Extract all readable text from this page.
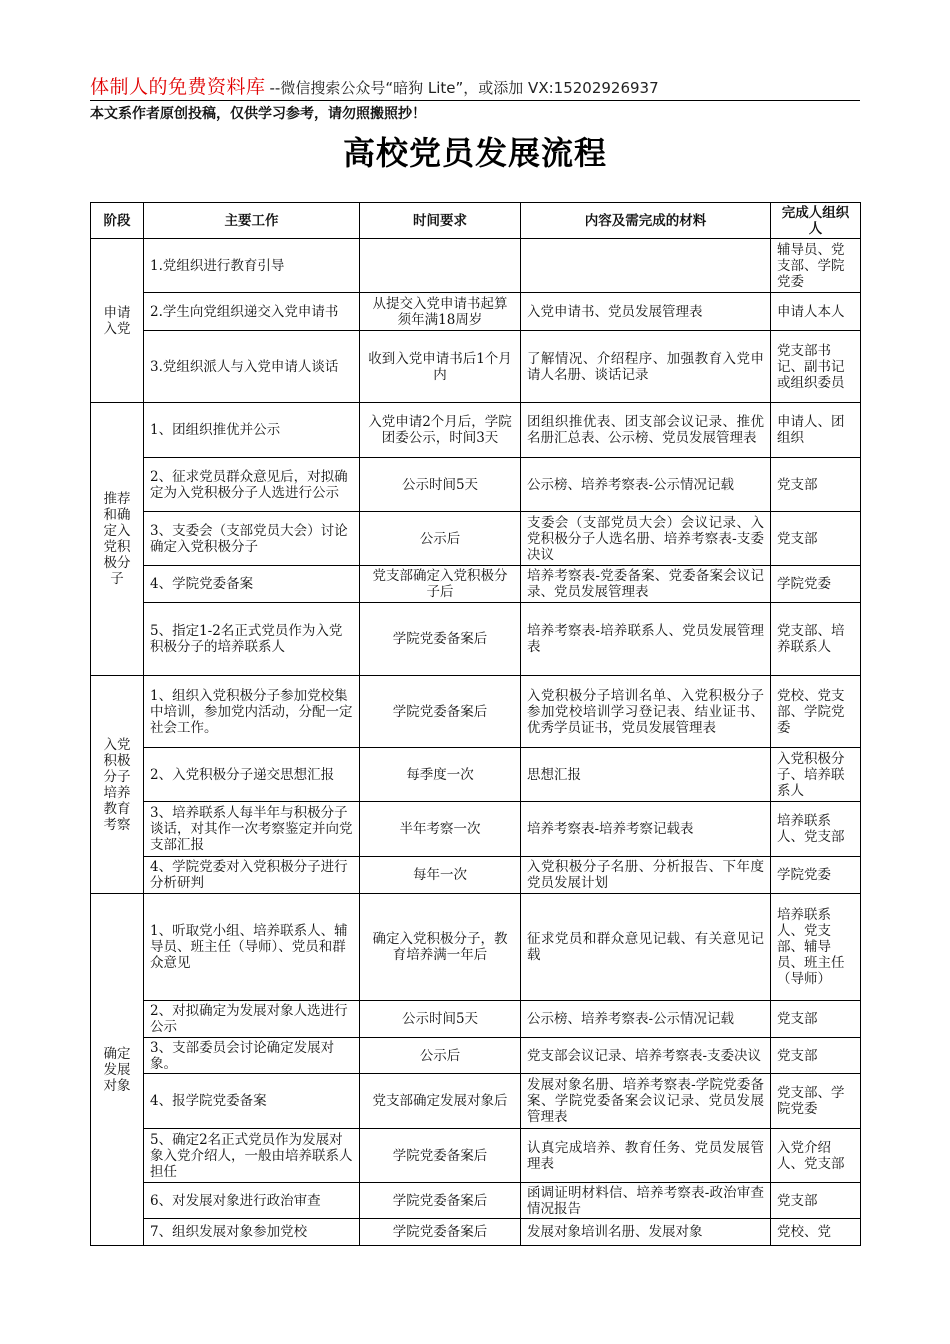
体制人的免费资料库 --微信搜索公众号“暗狗 Lite”，或添加 VX:15202926937
本文系作者原创投稿，仅供学习参考，请勿照搬照抄！
高校党员发展流程
阶段	主要工作	时间要求	内容及需完成的材料	完成人组织人
申请入党	1.党组织进行教育引导			辅导员、党支部、学院党委
	2.学生向党组织递交入党申请书	从提交入党申请书起算须年满18周岁	入党申请书、党员发展管理表	申请人本人
	3.党组织派人与入党申请人谈话	收到入党申请书后1个月内	了解情况、介绍程序、加强教育入党申请人名册、谈话记录	党支部书记、副书记或组织委员
推荐和确定入党积极分子	1、团组织推优并公示	入党申请2个月后，学院团委公示，时间3天	团组织推优表、团支部会议记录、推优名册汇总表、公示榜、党员发展管理表	申请人、团组织
	2、征求党员群众意见后，对拟确定为入党积极分子人选进行公示	公示时间5天	公示榜、培养考察表-公示情况记载	党支部
	3、支委会（支部党员大会）讨论确定入党积极分子	公示后	支委会（支部党员大会）会议记录、入党积极分子人选名册、培养考察表-支委决议	党支部
	4、学院党委备案	党支部确定入党积极分子后	培养考察表-党委备案、党委备案会议记录、党员发展管理表	学院党委
	5、指定1-2名正式党员作为入党积极分子的培养联系人	学院党委备案后	培养考察表-培养联系人、党员发展管理表	党支部、培养联系人
入党积极分子培养教育考察	1、组织入党积极分子参加党校集中培训，参加党内活动，分配一定社会工作。	学院党委备案后	入党积极分子培训名单、入党积极分子参加党校培训学习登记表、结业证书、优秀学员证书，党员发展管理表	党校、党支部、学院党委
	2、入党积极分子递交思想汇报	每季度一次	思想汇报	入党积极分子、培养联系人
	3、培养联系人每半年与积极分子谈话，对其作一次考察鉴定并向党支部汇报	半年考察一次	培养考察表-培养考察记载表	培养联系人、党支部
	4、学院党委对入党积极分子进行分析研判	每年一次	入党积极分子名册、分析报告、下年度党员发展计划	学院党委
确定发展对象	1、听取党小组、培养联系人、辅导员、班主任（导师）、党员和群众意见	确定入党积极分子，教育培养满一年后	征求党员和群众意见记载、有关意见记载	培养联系人、党支部、辅导员、班主任（导师）
	2、对拟确定为发展对象人选进行公示	公示时间5天	公示榜、培养考察表-公示情况记载	党支部
	3、支部委员会讨论确定发展对象。	公示后	党支部会议记录、培养考察表-支委决议	党支部
	4、报学院党委备案	党支部确定发展对象后	发展对象名册、培养考察表-学院党委备案、学院党委备案会议记录、党员发展管理表	党支部、学院党委
	5、确定2名正式党员作为发展对象入党介绍人，一般由培养联系人担任	学院党委备案后	认真完成培养、教育任务、党员发展管理表	入党介绍人、党支部
	6、对发展对象进行政治审查	学院党委备案后	函调证明材料信、培养考察表-政治审查情况报告	党支部
	7、组织发展对象参加党校	学院党委备案后	发展对象培训名册、发展对象	党校、党
